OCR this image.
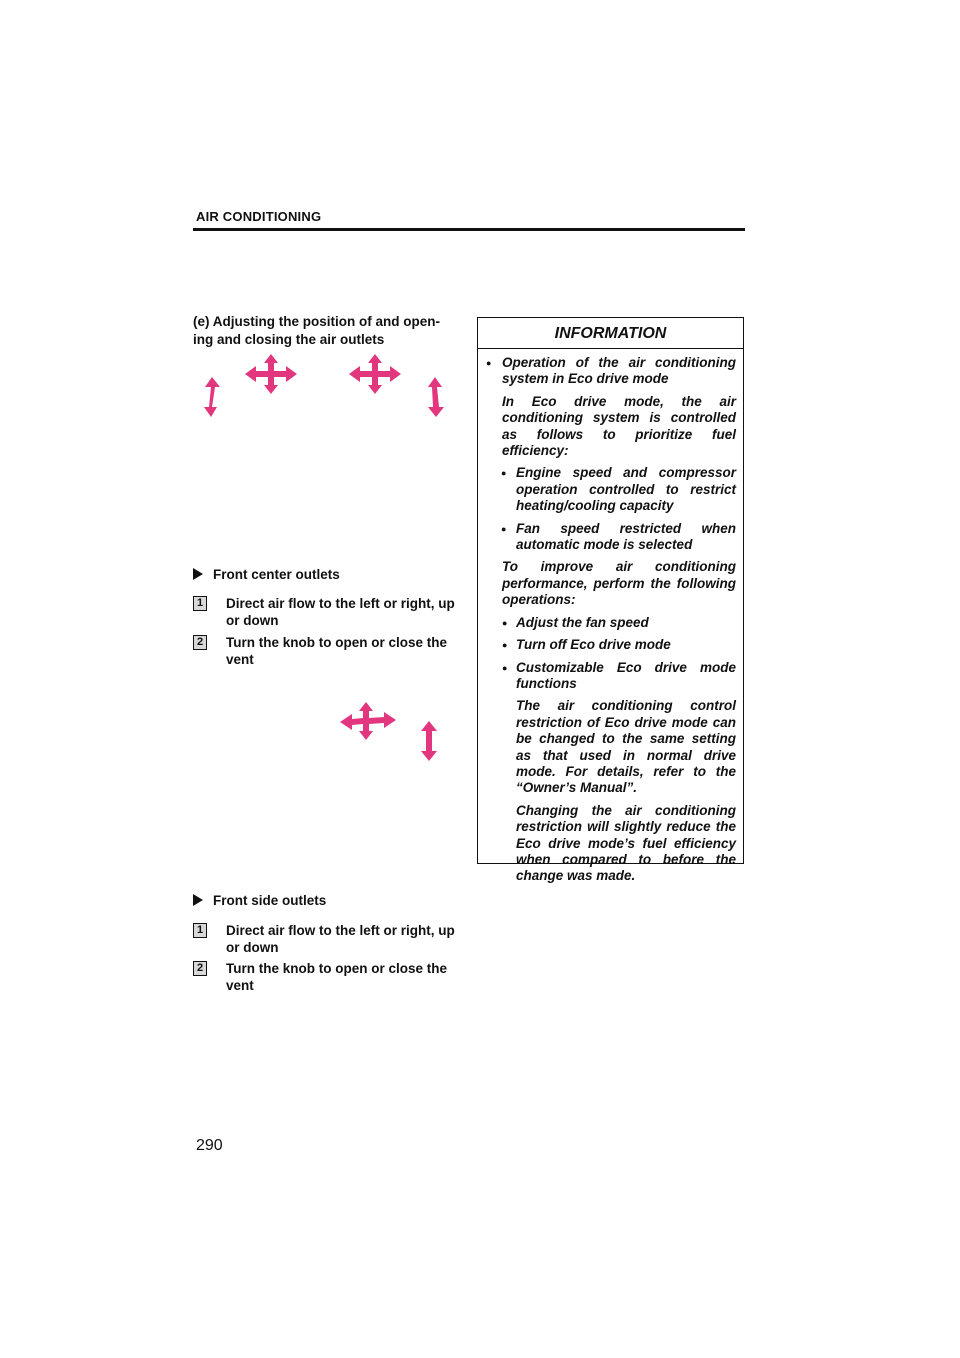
AIR CONDITIONING
(e) Adjusting the position of and open-
ing and closing the air outlets
Front center outlets
1 Direct air flow to the left or right, up
or down
2 Turn the knob to open or close the
vent
Front side outlets
1 Direct air flow to the left or right, up
or down
2 Turn the knob to open or close the
vent
INFORMATION

● Operation of the air conditioning system in Eco drive mode

In Eco drive mode, the air conditioning system is controlled as follows to prioritize fuel efficiency:

● Engine speed and compressor operation controlled to restrict heating/cooling capacity

● Fan speed restricted when automatic mode is selected

To improve air conditioning performance, perform the following operations:

● Adjust the fan speed

● Turn off Eco drive mode

● Customizable Eco drive mode functions

The air conditioning control restriction of Eco drive mode can be changed to the same setting as that used in normal drive mode. For details, refer to the “Owner’s Manual”.

Changing the air conditioning restriction will slightly reduce the Eco drive mode’s fuel efficiency when compared to before the change was made.

290
